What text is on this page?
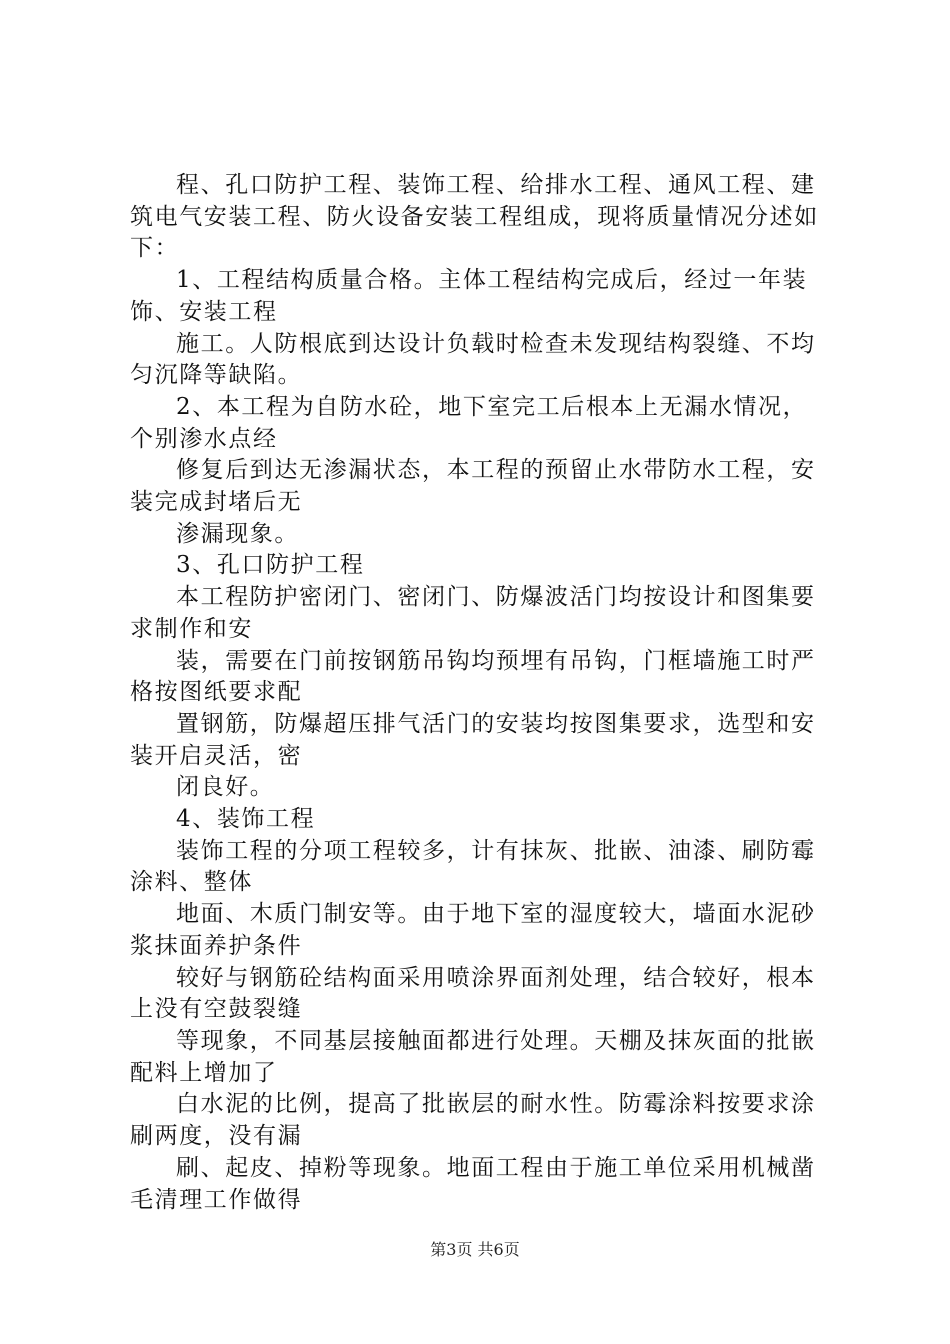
程、孔口防护工程、装饰工程、给排水工程、通风工程、建筑电气安装工程、防火设备安装工程组成，现将质量情况分述如下：

1、工程结构质量合格。主体工程结构完成后，经过一年装饰、安装工程

施工。人防根底到达设计负载时检查未发现结构裂缝、不均匀沉降等缺陷。

2、本工程为自防水砼，地下室完工后根本上无漏水情况，个别渗水点经

修复后到达无渗漏状态，本工程的预留止水带防水工程，安装完成封堵后无

渗漏现象。

3、孔口防护工程

本工程防护密闭门、密闭门、防爆波活门均按设计和图集要求制作和安

装，需要在门前按钢筋吊钩均预埋有吊钩，门框墙施工时严格按图纸要求配

置钢筋，防爆超压排气活门的安装均按图集要求，选型和安装开启灵活，密

闭良好。

4、装饰工程

装饰工程的分项工程较多，计有抹灰、批嵌、油漆、刷防霉涂料、整体

地面、木质门制安等。由于地下室的湿度较大，墙面水泥砂浆抹面养护条件

较好与钢筋砼结构面采用喷涂界面剂处理，结合较好，根本上没有空鼓裂缝

等现象，不同基层接触面都进行处理。天棚及抹灰面的批嵌配料上增加了

白水泥的比例，提高了批嵌层的耐水性。防霉涂料按要求涂刷两度，没有漏

刷、起皮、掉粉等现象。地面工程由于施工单位采用机械凿毛清理工作做得

第3页 共6页
